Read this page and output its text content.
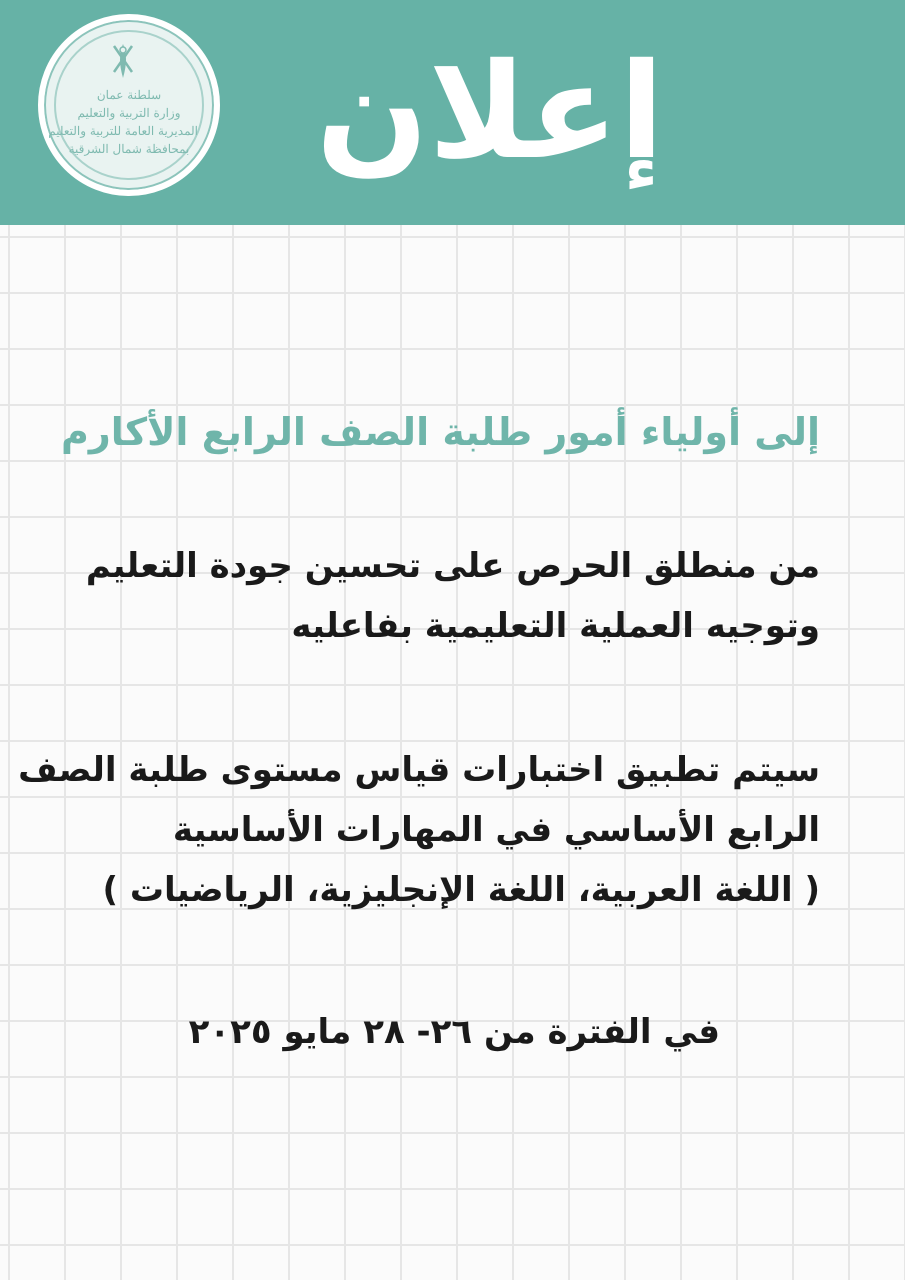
سلطنة عمان
وزارة التربية والتعليم
المديرية العامة للتربية والتعليم
بمحافظة شمال الشرقية إعلان

إلى أولياء أمور طلبة الصف الرابع الأكارم

من منطلق الحرص على تحسين جودة التعليم
وتوجيه العملية التعليمية بفاعليه
سيتم تطبيق اختبارات قياس مستوى طلبة الصف
الرابع الأساسي في المهارات الأساسية
( اللغة العربية، اللغة الإنجليزية، الرياضيات )
في الفترة من ٢٦- ٢٨ مايو ٢٠٢٥
